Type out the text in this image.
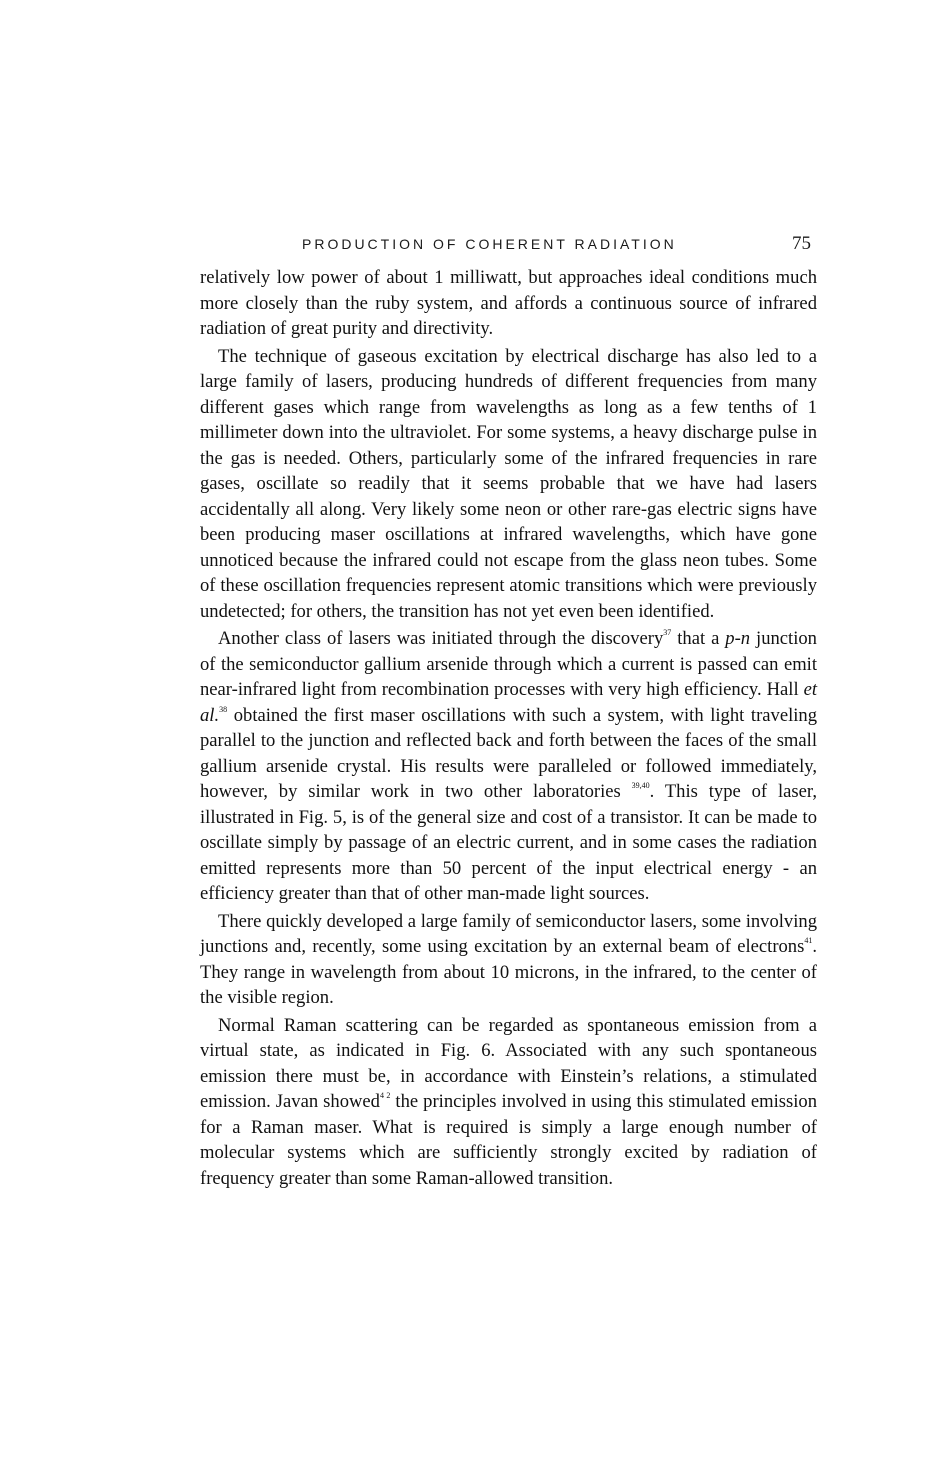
PRODUCTION OF COHERENT RADIATION	75

relatively low power of about 1 milliwatt, but approaches ideal conditions much more closely than the ruby system, and affords a continuous source of infrared radiation of great purity and directivity.

The technique of gaseous excitation by electrical discharge has also led to a large family of lasers, producing hundreds of different frequencies from many different gases which range from wavelengths as long as a few tenths of 1 millimeter down into the ultraviolet. For some systems, a heavy discharge pulse in the gas is needed. Others, particularly some of the infrared frequencies in rare gases, oscillate so readily that it seems probable that we have had lasers accidentally all along. Very likely some neon or other rare-gas electric signs have been producing maser oscillations at infrared wavelengths, which have gone unnoticed because the infrared could not escape from the glass neon tubes. Some of these oscillation frequencies represent atomic transitions which were previously undetected; for others, the transition has not yet even been identified.

Another class of lasers was initiated through the discovery$^{37}$ that a p-n junction of the semiconductor gallium arsenide through which a current is passed can emit near-infrared light from recombination processes with very high efficiency. Hall et al.$^{38}$ obtained the first maser oscillations with such a system, with light traveling parallel to the junction and reflected back and forth between the faces of the small gallium arsenide crystal. His results were paralleled or followed immediately, however, by similar work in two other laboratories $^{39,40}$. This type of laser, illustrated in Fig. 5, is of the general size and cost of a transistor. It can be made to oscillate simply by passage of an electric current, and in some cases the radiation emitted represents more than 50 percent of the input electrical energy - an efficiency greater than that of other man-made light sources.

There quickly developed a large family of semiconductor lasers, some involving junctions and, recently, some using excitation by an external beam of electrons$^{41}$. They range in wavelength from about 10 microns, in the infrared, to the center of the visible region.

Normal Raman scattering can be regarded as spontaneous emission from a virtual state, as indicated in Fig. 6. Associated with any such spontaneous emission there must be, in accordance with Einstein’s relations, a stimulated emission. Javan showed$^{4 2}$ the principles involved in using this stimulated emission for a Raman maser. What is required is simply a large enough number of molecular systems which are sufficiently strongly excited by radiation of frequency greater than some Raman-allowed transition.
